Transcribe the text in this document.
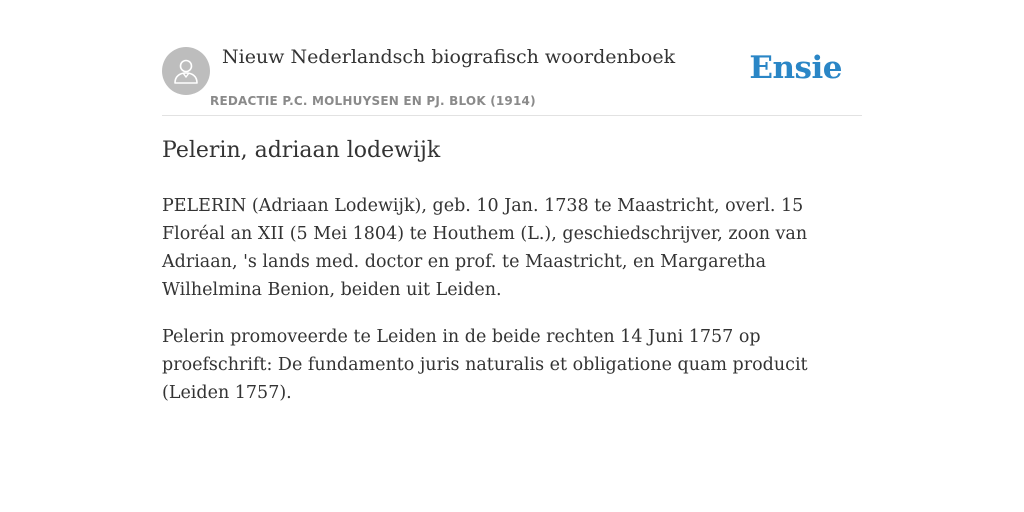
Nieuw Nederlandsch biografisch woordenboek
REDACTIE P.C. MOLHUYSEN EN PJ. BLOK (1914)
Ensie
Pelerin, adriaan lodewijk

PELERIN (Adriaan Lodewijk), geb. 10 Jan. 1738 te Maastricht, overl. 15 Floréal an XII (5 Mei 1804) te Houthem (L.), geschiedschrijver, zoon van Adriaan, 's lands med. doctor en prof. te Maastricht, en Margaretha Wilhelmina Benion, beiden uit Leiden.

Pelerin promoveerde te Leiden in de beide rechten 14 Juni 1757 op proefschrift: De fundamento juris naturalis et obligatione quam producit (Leiden 1757).
